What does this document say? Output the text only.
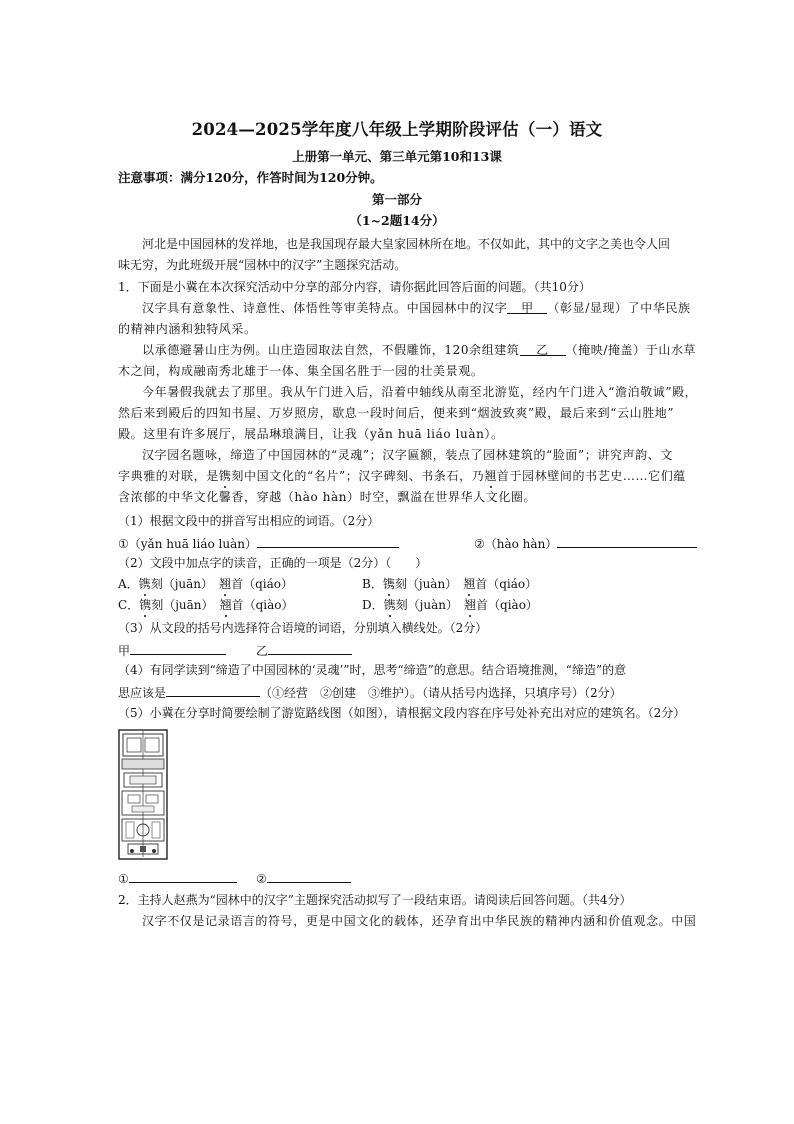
2024—2025学年度八年级上学期阶段评估（一）语文
上册第一单元、第三单元第10和13课
注意事项：满分120分，作答时间为120分钟。
第一部分
（1~2题14分）
河北是中国园林的发祥地，也是我国现存最大皇家园林所在地。不仅如此，其中的文字之美也令人回
味无穷，为此班级开展“园林中的汉字”主题探究活动。
1．下面是小冀在本次探究活动中分享的部分内容，请你据此回答后面的问题。（共10分）
汉字具有意象性、诗意性、体悟性等审美特点。中国园林中的汉字 甲 （彰显/显现）了中华民族
的精神内涵和独特风采。
以承德避暑山庄为例。山庄造园取法自然，不假雕饰，120余组建筑 乙 （掩映/掩盖）于山水草
木之间，构成融南秀北雄于一体、集全国名胜于一园的壮美景观。
今年暑假我就去了那里。我从午门进入后，沿着中轴线从南至北游览，经内午门进入“澹泊敬诚”殿，
然后来到殿后的四知书屋、万岁照房，歇息一段时间后，便来到“烟波致爽”殿，最后来到“云山胜地”
殿。这里有许多展厅，展品琳琅满目，让我（yǎn huā liáo luàn）。
汉字园名题咏，缔造了中国园林的“灵魂”；汉字匾额，装点了园林建筑的“脸面”；讲究声韵、文
字典雅的对联，是镌刻中国文化的“名片”；汉字碑刻、书条石，乃翘首于园林壁间的书艺史……它们蕴
含浓郁的中华文化馨香，穿越（hào hàn）时空，飘溢在世界华人文化圈。
（1）根据文段中的拼音写出相应的词语。（2分）
①（yǎn huā liáo luàn）	②（hào hàn）
（2）文段中加点字的读音，正确的一项是（2分）（　　）
A．镌刻（juān）　 翘首（qiáo）	B．镌刻（juàn）　 翘首（qiáo）
C．镌刻（juān）　 翘首（qiào）	D．镌刻（juàn）　 翘首（qiào）
（3）从文段的括号内选择符合语境的词语，分别填入横线处。（2分）
甲	乙
（4）有同学读到“缔造了中国园林的‘灵魂’”时，思考“缔造”的意思。结合语境推测，“缔造”的意
思应该是	（①经营　②创建　③维护）。（请从括号内选择，只填序号）（2分）
（5）小冀在分享时简要绘制了游览路线图（如图），请根据文段内容在序号处补充出对应的建筑名。（2分）
①	②
2．主持人赵燕为“园林中的汉字”主题探究活动拟写了一段结束语。请阅读后回答问题。（共4分）
汉字不仅是记录语言的符号，更是中国文化的载体，还孕育出中华民族的精神内涵和价值观念。中国
